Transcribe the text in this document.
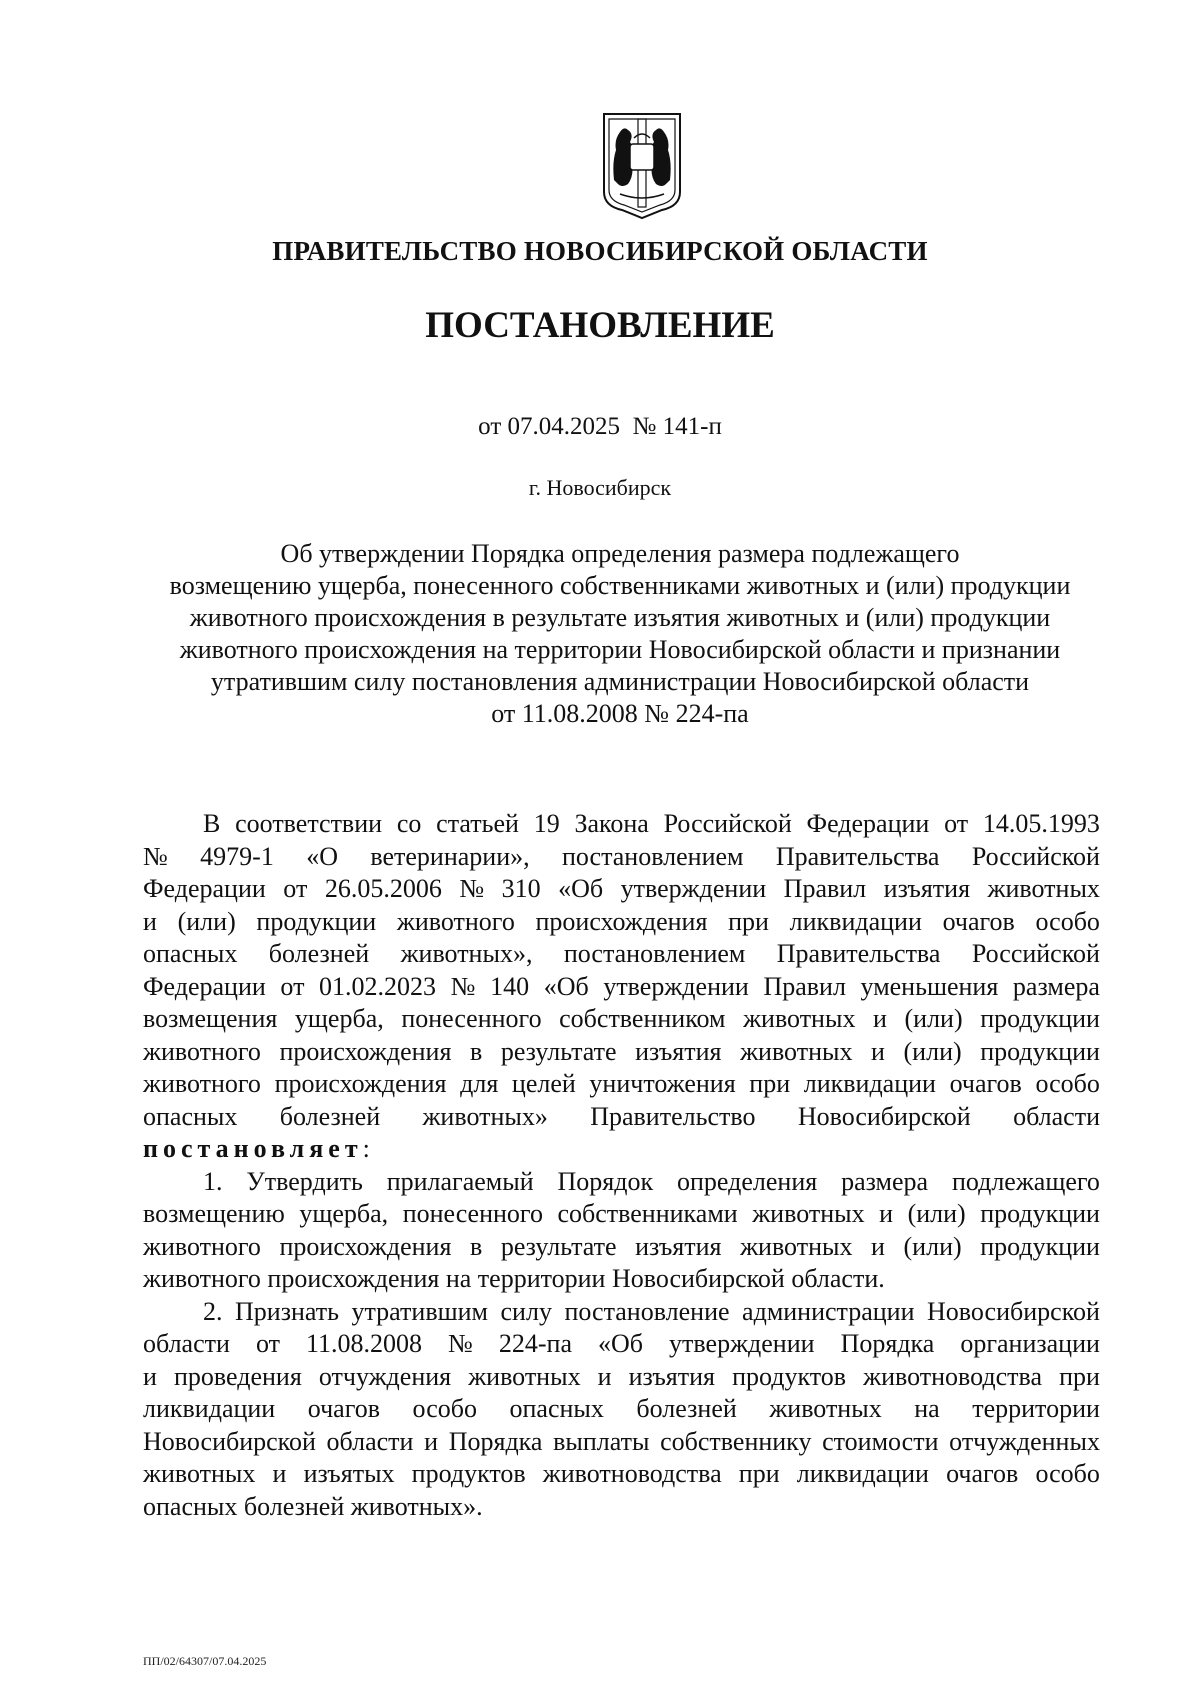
ПРАВИТЕЛЬСТВО НОВОСИБИРСКОЙ ОБЛАСТИ
ПОСТАНОВЛЕНИЕ
от 07.04.2025 № 141-п
г. Новосибирск
Об утверждении Порядка определения размера подлежащего
возмещению ущерба, понесенного собственниками животных и (или) продукции
животного происхождения в результате изъятия животных и (или) продукции
животного происхождения на территории Новосибирской области и признании
утратившим силу постановления администрации Новосибирской области
от 11.08.2008 № 224-па
В соответствии со статьей 19 Закона Российской Федерации от 14.05.1993
№ 4979-1 «О ветеринарии», постановлением Правительства Российской
Федерации от 26.05.2006 № 310 «Об утверждении Правил изъятия животных
и (или) продукции животного происхождения при ликвидации очагов особо
опасных болезней животных», постановлением Правительства Российской
Федерации от 01.02.2023 № 140 «Об утверждении Правил уменьшения размера
возмещения ущерба, понесенного собственником животных и (или) продукции
животного происхождения в результате изъятия животных и (или) продукции
животного происхождения для целей уничтожения при ликвидации очагов особо
опасных болезней животных» Правительство Новосибирской области
постановляет :
1. Утвердить прилагаемый Порядок определения размера подлежащего
возмещению ущерба, понесенного собственниками животных и (или) продукции
животного происхождения в результате изъятия животных и (или) продукции
животного происхождения на территории Новосибирской области.
2. Признать утратившим силу постановление администрации Новосибирской
области от 11.08.2008 № 224-па «Об утверждении Порядка организации
и проведения отчуждения животных и изъятия продуктов животноводства при
ликвидации очагов особо опасных болезней животных на территории
Новосибирской области и Порядка выплаты собственнику стоимости отчужденных
животных и изъятых продуктов животноводства при ликвидации очагов особо
опасных болезней животных».
ПП/02/64307/07.04.2025
